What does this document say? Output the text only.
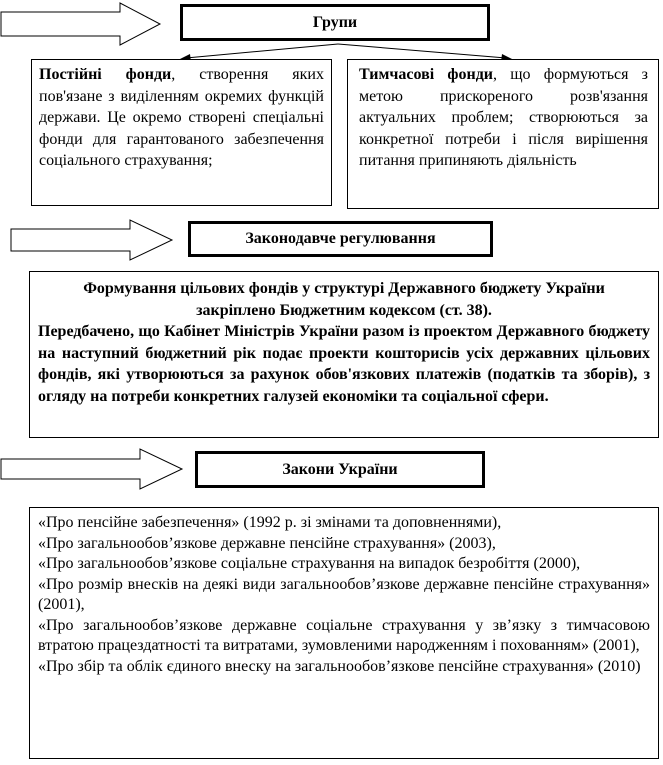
Групи

Постійні фонди, створення яких пов'язане з виділенням окремих функцій держави. Це окремо створені спеціальні фонди для гарантованого забезпечення соціального страхування;

Тимчасові фонди, що формуються з метою прискореного розв'язання актуальних проблем; створюються за конкретної потреби і після вирішення питання припиняють діяльність

Законодавче регулювання

Формування цільових фондів у структурі Державного бюджету України закріплено Бюджетним кодексом (ст. 38).

Передбачено, що Кабінет Міністрів України разом із проектом Державного бюджету на наступний бюджетний рік подає проекти кошторисів усіх державних цільових фондів, які утворюються за рахунок обов'язкових платежів (податків та зборів), з огляду на потреби конкретних галузей економіки та соціальної сфери.

Закони України

«Про пенсійне забезпечення» (1992 р. зі змінами та доповненнями),

«Про загальнообов’язкове державне пенсійне страхування» (2003),

«Про загальнообов’язкове соціальне страхування на випадок безробіття (2000),

«Про розмір внесків на деякі види загальнообов’язкове державне пенсійне страхування» (2001),

«Про загальнообов’язкове державне соціальне страхування у зв’язку з тимчасовою втратою працездатності та витратами, зумовленими народженням і похованням» (2001),

«Про збір та облік єдиного внеску на загальнообов’язкове пенсійне страхування» (2010)
